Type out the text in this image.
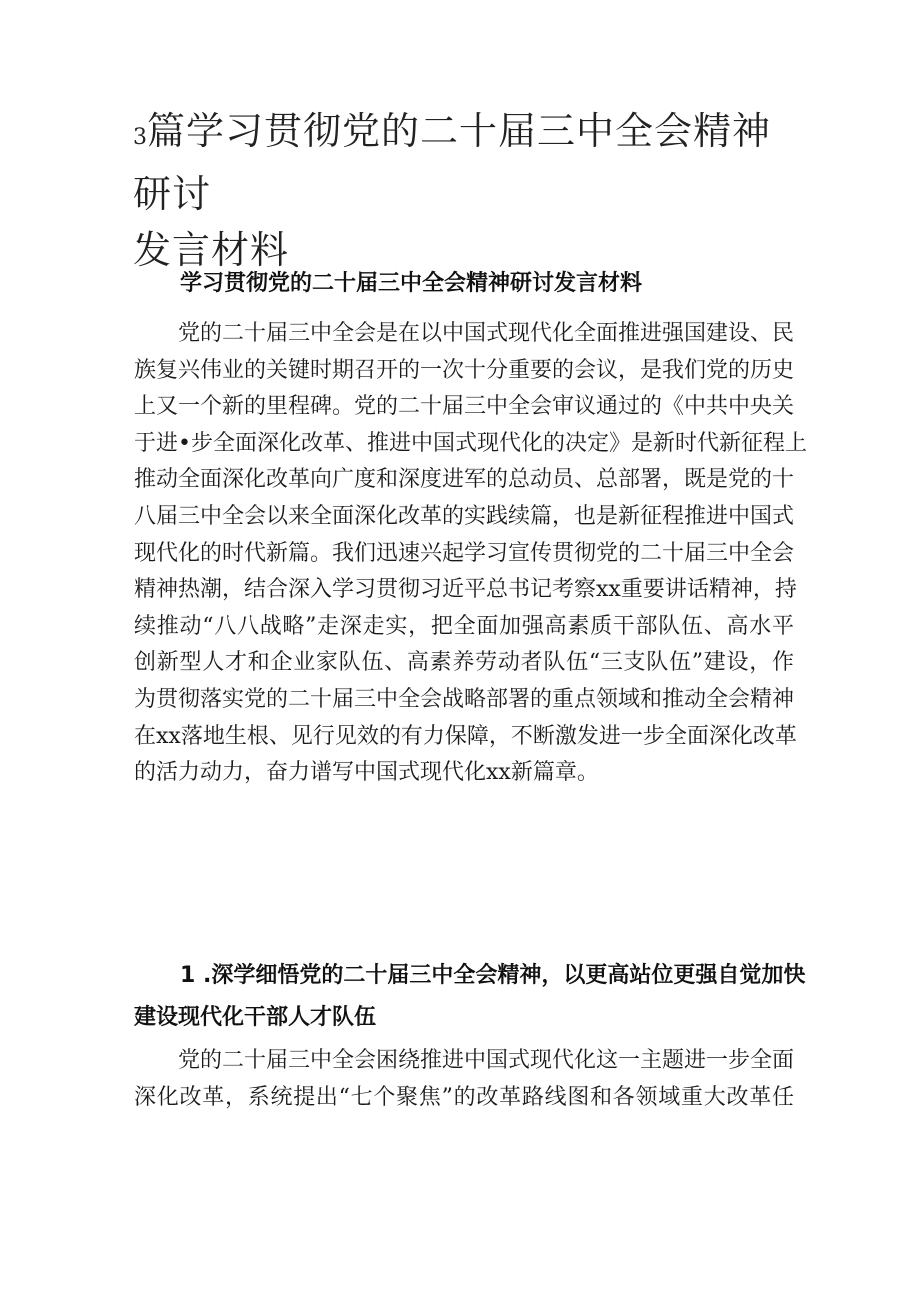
3篇学习贯彻党的二十届三中全会精神研讨
发言材料
学习贯彻党的二十届三中全会精神研讨发言材料
党的二十届三中全会是在以中国式现代化全面推进强国建设、民
族复兴伟业的关键时期召开的一次十分重要的会议，是我们党的历史
上又一个新的里程碑。党的二十届三中全会审议通过的《中共中央关
于进•步全面深化改革、推进中国式现代化的决定》是新时代新征程上
推动全面深化改革向广度和深度进军的总动员、总部署，既是党的十
八届三中全会以来全面深化改革的实践续篇，也是新征程推进中国式
现代化的时代新篇。我们迅速兴起学习宣传贯彻党的二十届三中全会
精神热潮，结合深入学习贯彻习近平总书记考察xx重要讲话精神，持
续推动“八八战略”走深走实，把全面加强高素质干部队伍、高水平
创新型人才和企业家队伍、高素养劳动者队伍“三支队伍”建设，作
为贯彻落实党的二十届三中全会战略部署的重点领域和推动全会精神
在xx落地生根、见行见效的有力保障，不断激发进一步全面深化改革
的活力动力，奋力谱写中国式现代化xx新篇章。
1 .深学细悟党的二十届三中全会精神，以更高站位更强自觉加快
建设现代化干部人才队伍
党的二十届三中全会困绕推进中国式现代化这一主题进一步全面
深化改革，系统提出“七个聚焦”的改革路线图和各领域重大改革任
